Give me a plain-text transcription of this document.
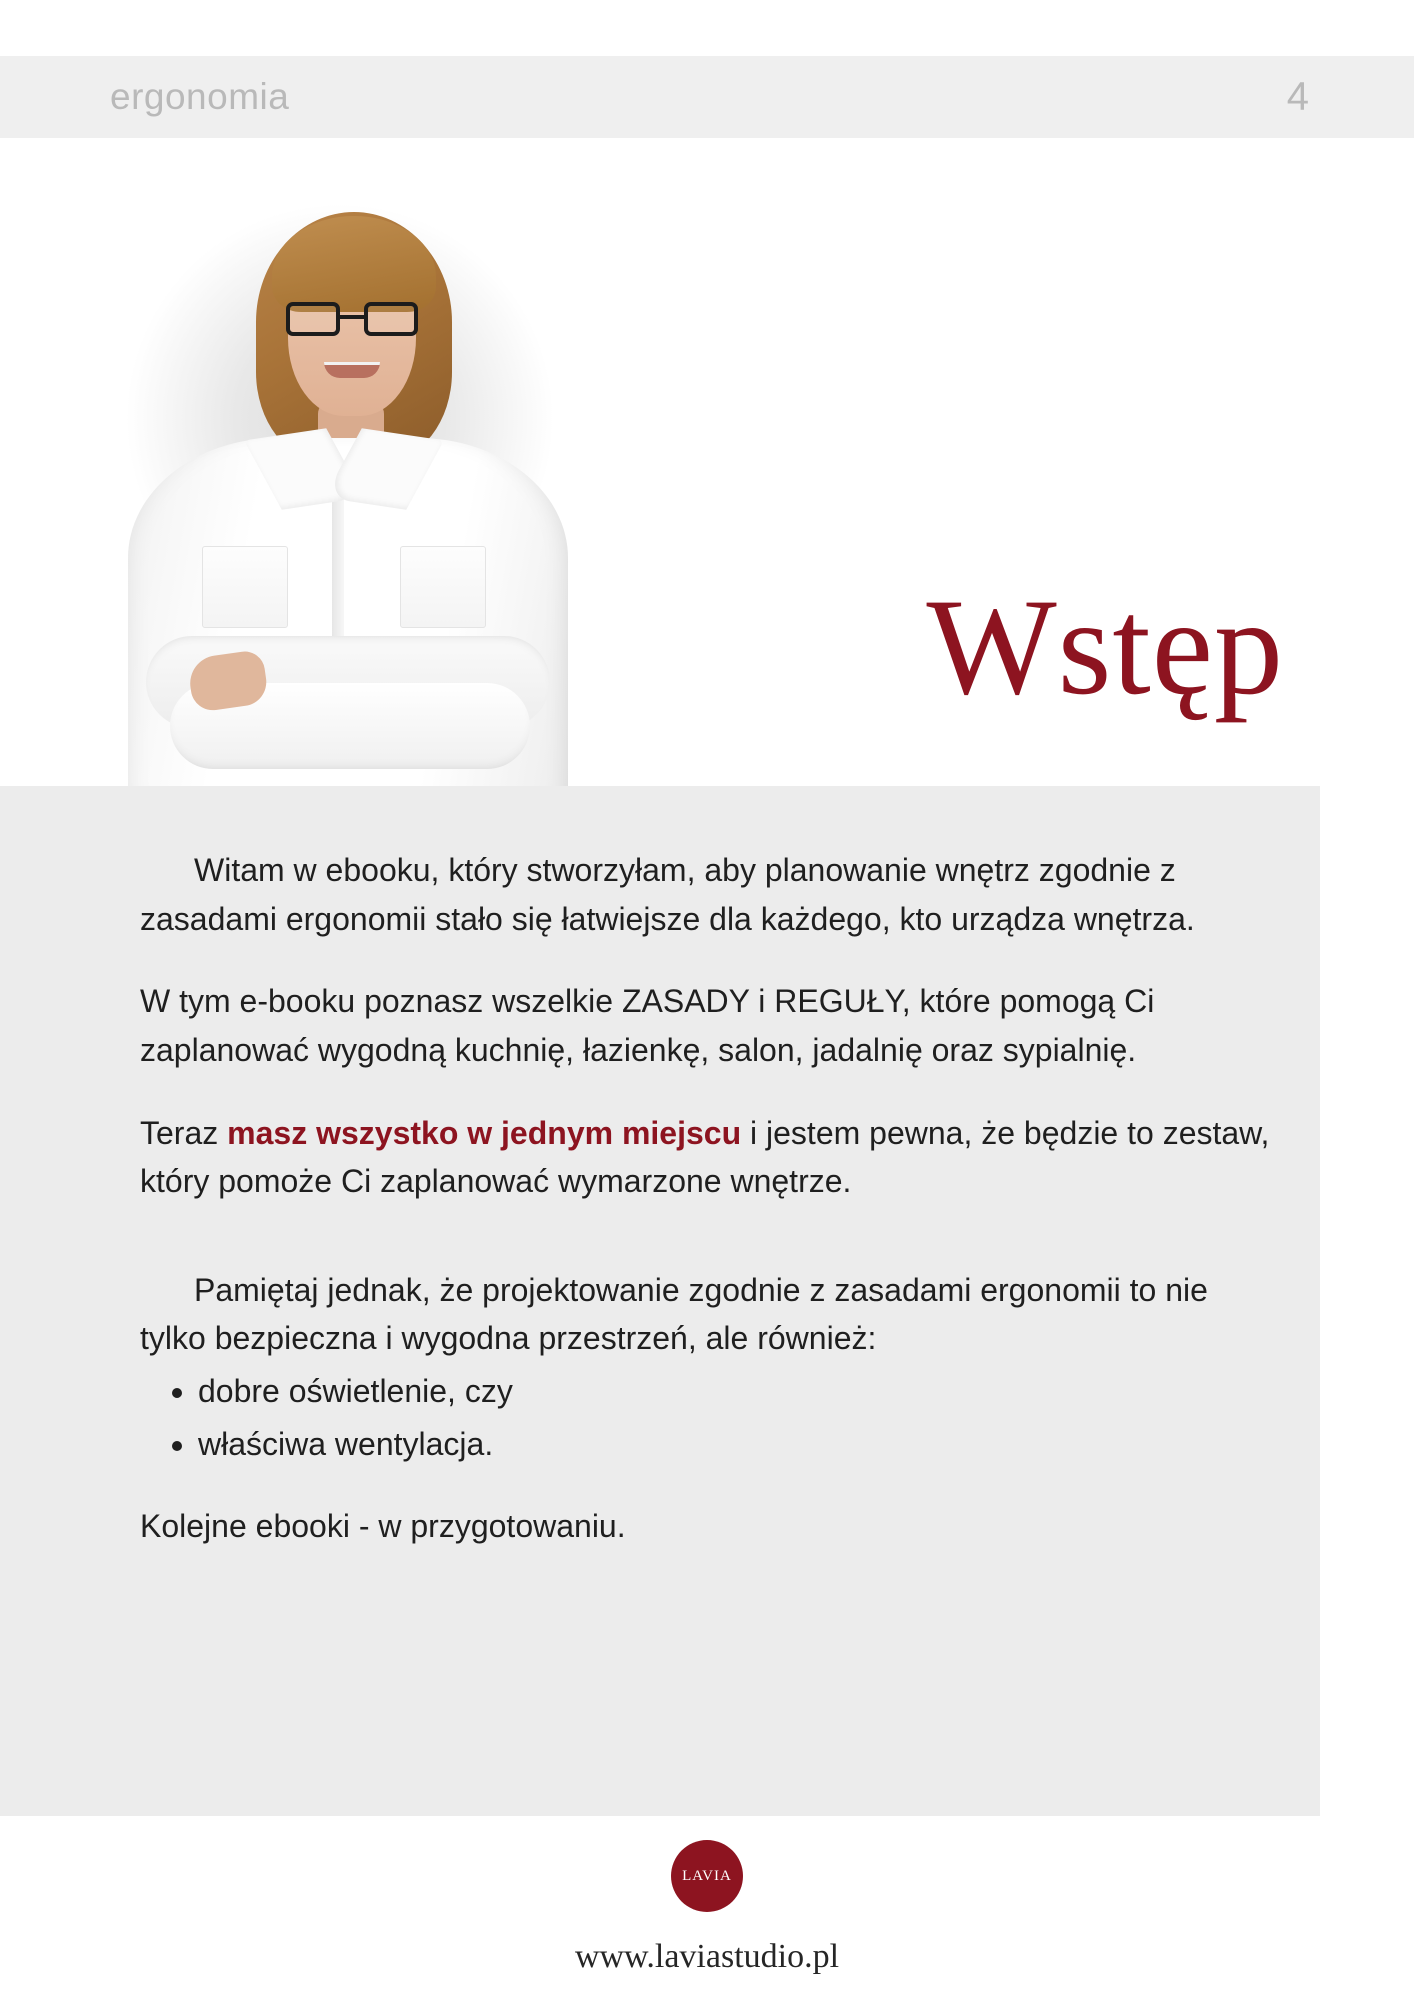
ergonomia	4
Wstęp

Witam w ebooku, który stworzyłam, aby planowanie wnętrz zgodnie z zasadami ergonomii stało się łatwiejsze dla każdego, kto urządza wnętrza.

W tym e-booku poznasz wszelkie ZASADY i REGUŁY, które pomogą Ci zaplanować wygodną kuchnię, łazienkę, salon, jadalnię oraz sypialnię.

Teraz masz wszystko w jednym miejscu i jestem pewna, że będzie to zestaw, który pomoże Ci zaplanować wymarzone wnętrze.

Pamiętaj jednak, że projektowanie zgodnie z zasadami ergonomii to nie tylko bezpieczna i wygodna przestrzeń, ale również:

• dobre oświetlenie, czy
• właściwa wentylacja.

Kolejne ebooki - w przygotowaniu.

LAVIA
www.laviastudio.pl
